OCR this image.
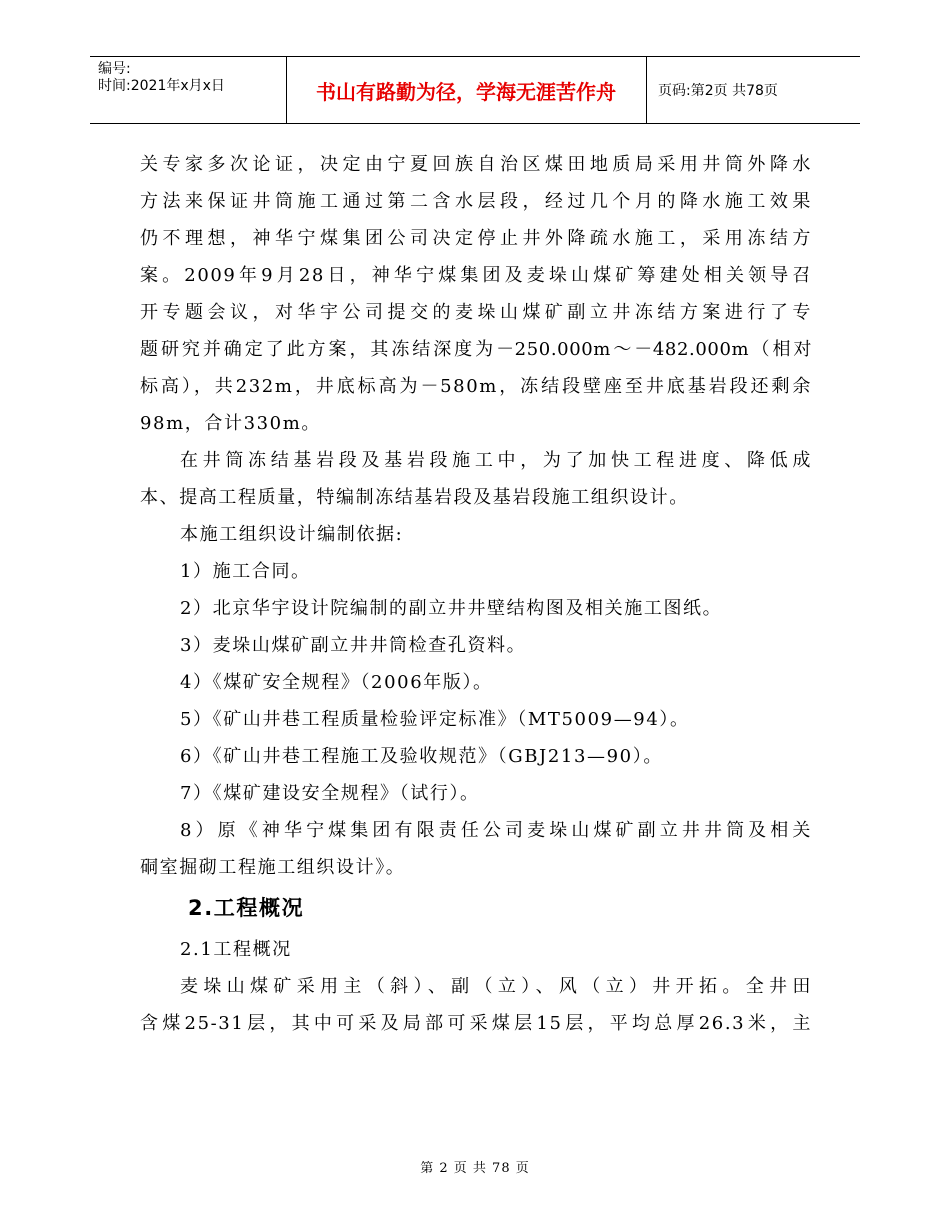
编号:
时间:2021年x月x日	书山有路勤为径，学海无涯苦作舟	页码:第2页 共78页

关专家多次论证，决定由宁夏回族自治区煤田地质局采用井筒外降水

方法来保证井筒施工通过第二含水层段，经过几个月的降水施工效果

仍不理想，神华宁煤集团公司决定停止井外降疏水施工，采用冻结方

案。2009年9月28日，神华宁煤集团及麦垛山煤矿筹建处相关领导召

开专题会议，对华宇公司提交的麦垛山煤矿副立井冻结方案进行了专

题研究并确定了此方案，其冻结深度为－250.000m～－482.000m（相对

标高），共232m，井底标高为－580m，冻结段壁座至井底基岩段还剩余

98m，合计330m。

在井筒冻结基岩段及基岩段施工中，为了加快工程进度、降低成

本、提高工程质量，特编制冻结基岩段及基岩段施工组织设计。

本施工组织设计编制依据:

1）施工合同。

2）北京华宇设计院编制的副立井井壁结构图及相关施工图纸。

3）麦垛山煤矿副立井井筒检查孔资料。

4）《煤矿安全规程》（2006年版）。

5）《矿山井巷工程质量检验评定标准》（MT5009—94）。

6）《矿山井巷工程施工及验收规范》（GBJ213—90）。

7）《煤矿建设安全规程》（试行）。

8）原《神华宁煤集团有限责任公司麦垛山煤矿副立井井筒及相关

硐室掘砌工程施工组织设计》。

2.工程概况

2.1工程概况

麦垛山煤矿采用主（斜）、副（立）、风（立）井开拓。全井田

含煤25-31层，其中可采及局部可采煤层15层，平均总厚26.3米，主

第 2 页 共 78 页
